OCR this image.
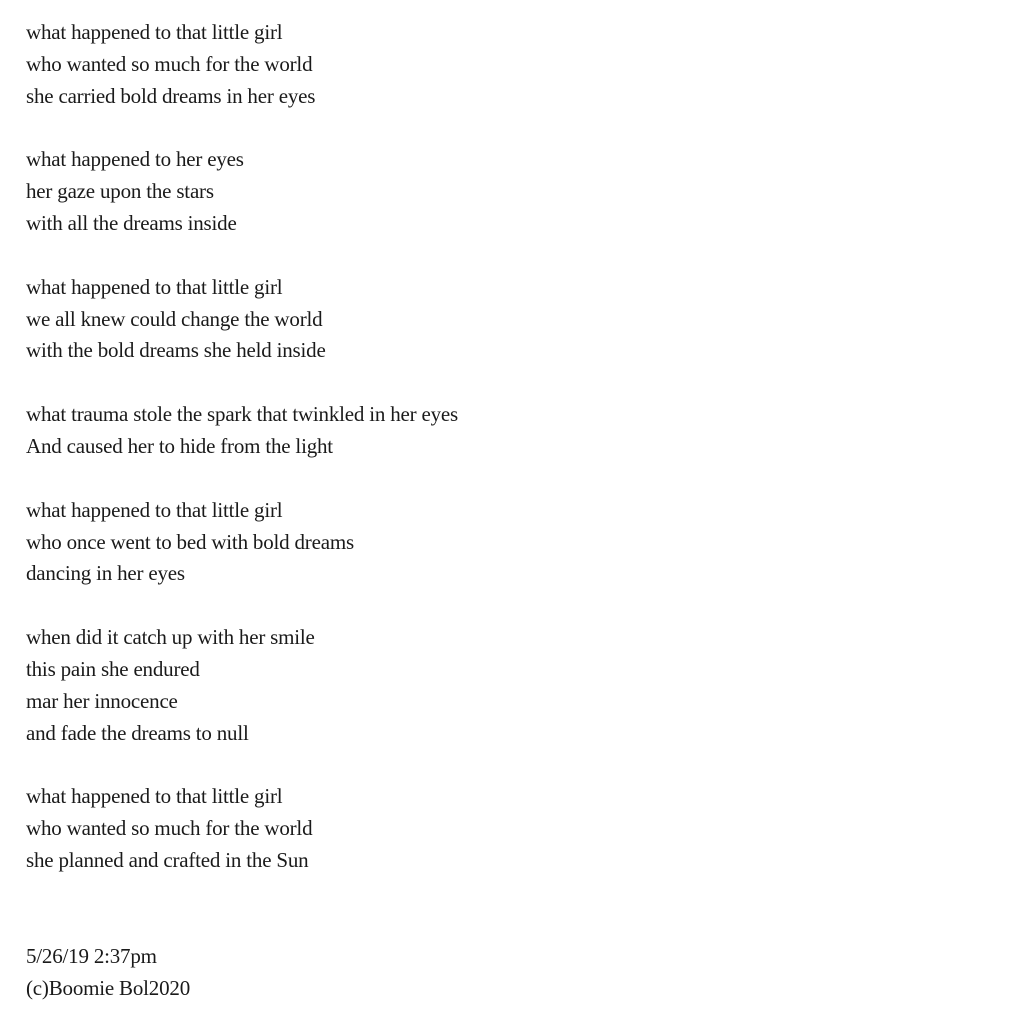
what happened to that little girl
who wanted so much for the world
she carried bold dreams in her eyes
what happened to her eyes
her gaze upon the stars
with all the dreams inside
what happened to that little girl
we all knew could change the world
with the bold dreams she held inside
what trauma stole the spark that twinkled in her eyes
And caused her to hide from the light
what happened to that little girl
who once went to bed with bold dreams
dancing in her eyes
when did it catch up with her smile
this pain she endured
mar her innocence
and fade the dreams to null
what happened to that little girl
who wanted so much for the world
she planned and crafted in the Sun
5/26/19 2:37pm
(c)Boomie Bol2020
